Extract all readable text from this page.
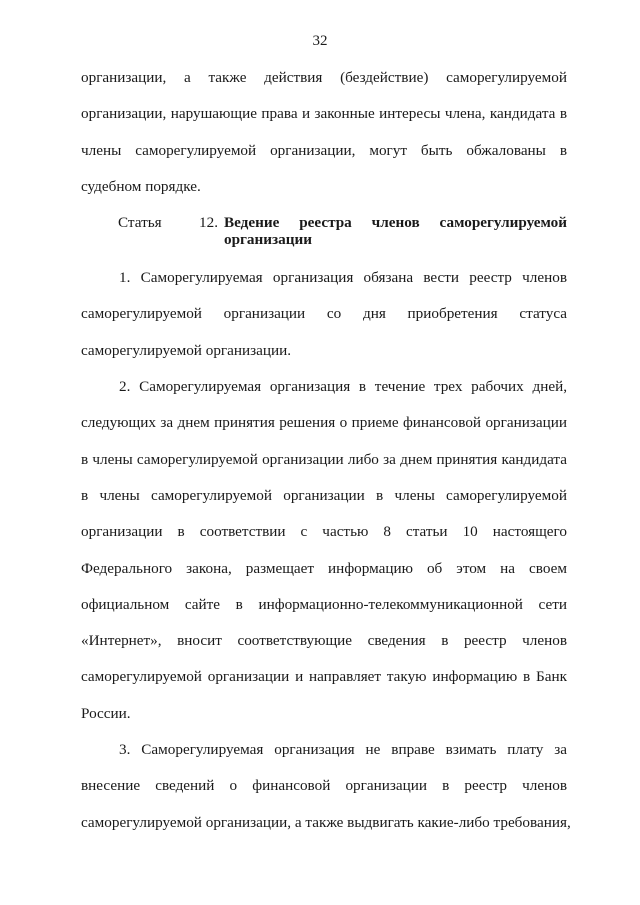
32
организации, а также действия (бездействие) саморегулируемой
организации, нарушающие права и законные интересы члена, кандидата в
члены саморегулируемой организации, могут быть обжалованы в
судебном порядке.
Статья 12. Ведение реестра членов саморегулируемой
организации
1. Саморегулируемая организация обязана вести реестр членов
саморегулируемой организации со дня приобретения статуса
саморегулируемой организации.
2. Саморегулируемая организация в течение трех рабочих дней,
следующих за днем принятия решения о приеме финансовой организации
в члены саморегулируемой организации либо за днем принятия кандидата
в члены саморегулируемой организации в члены саморегулируемой
организации в соответствии с частью 8 статьи 10 настоящего
Федерального закона, размещает информацию об этом на своем
официальном сайте в информационно-телекоммуникационной сети
«Интернет», вносит соответствующие сведения в реестр членов
саморегулируемой организации и направляет такую информацию в Банк
России.
3. Саморегулируемая организация не вправе взимать плату за
внесение сведений о финансовой организации в реестр членов
саморегулируемой организации, а также выдвигать какие-либо требования,
